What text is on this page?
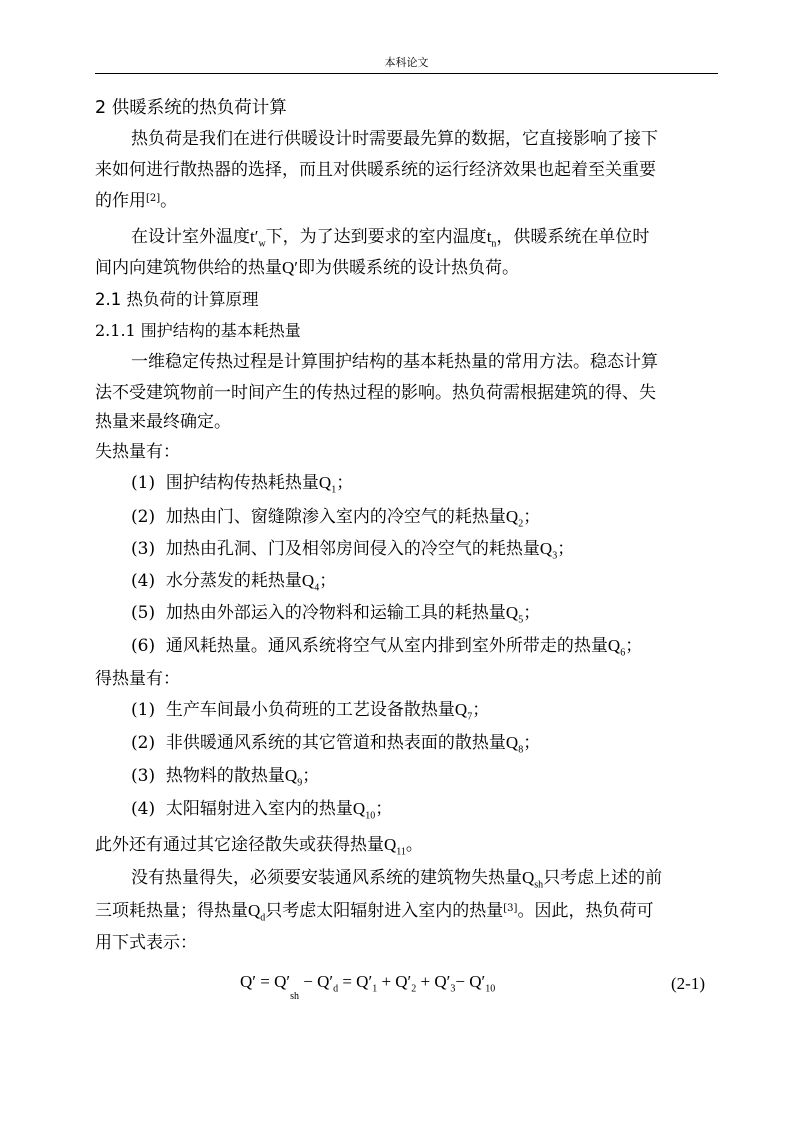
本科论文
2 供暖系统的热负荷计算
热负荷是我们在进行供暖设计时需要最先算的数据，它直接影响了接下
来如何进行散热器的选择，而且对供暖系统的运行经济效果也起着至关重要
的作用[2]。
在设计室外温度$t'_w$下，为了达到要求的室内温度$t_n$，供暖系统在单位时
间内向建筑物供给的热量Q′即为供暖系统的设计热负荷。
2.1 热负荷的计算原理
2.1.1 围护结构的基本耗热量
一维稳定传热过程是计算围护结构的基本耗热量的常用方法。稳态计算
法不受建筑物前一时间产生的传热过程的影响。热负荷需根据建筑的得、失
热量来最终确定。
失热量有：
(1) 围护结构传热耗热量$Q_1$；
(2) 加热由门、窗缝隙渗入室内的冷空气的耗热量$Q_2$；
(3) 加热由孔洞、门及相邻房间侵入的冷空气的耗热量$Q_3$；
(4) 水分蒸发的耗热量$Q_4$；
(5) 加热由外部运入的冷物料和运输工具的耗热量$Q_5$；
(6) 通风耗热量。通风系统将空气从室内排到室外所带走的热量$Q_6$；
得热量有：
(1) 生产车间最小负荷班的工艺设备散热量$Q_7$；
(2) 非供暖通风系统的其它管道和热表面的散热量$Q_8$；
(3) 热物料的散热量$Q_9$；
(4) 太阳辐射进入室内的热量$Q_{10}$；
此外还有通过其它途径散失或获得热量$Q_{11}$。
没有热量得失，必须要安装通风系统的建筑物失热量$Q_{sh}$只考虑上述的前
三项耗热量；得热量$Q_d$只考虑太阳辐射进入室内的热量[3]。因此，热负荷可
用下式表示：
$Q' = Q'_{sh} - Q'_d = Q'_1 + Q'_2 + Q'_3- Q'_{10}$	(2-1)
